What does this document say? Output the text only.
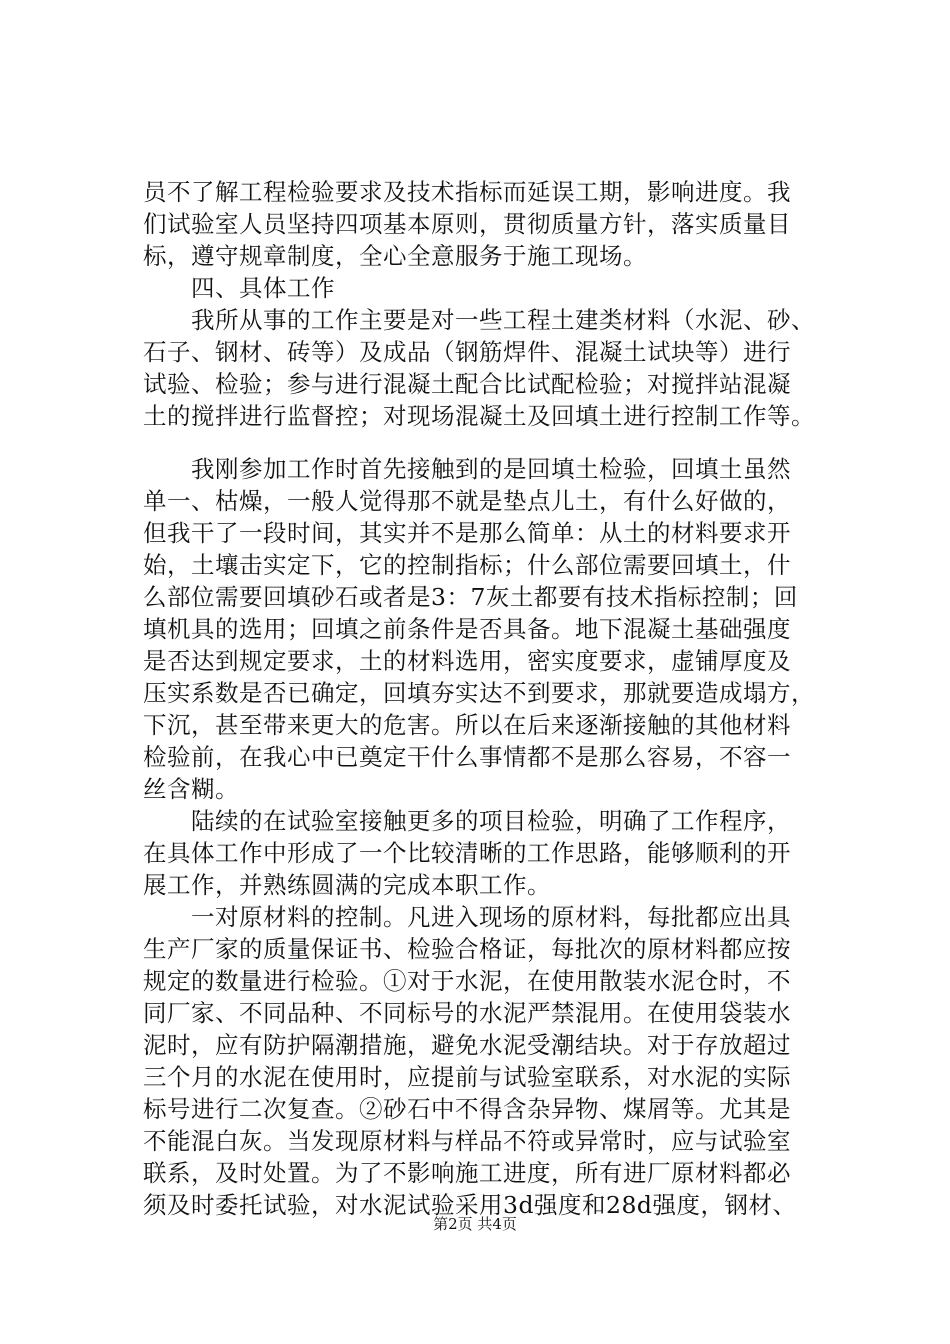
员不了解工程检验要求及技术指标而延误工期，影响进度。我
们试验室人员坚持四项基本原则，贯彻质量方针，落实质量目
标，遵守规章制度，全心全意服务于施工现场。
　　四、具体工作
　　我所从事的工作主要是对一些工程土建类材料（水泥、砂、
石子、钢材、砖等）及成品（钢筋焊件、混凝土试块等）进行
试验、检验；参与进行混凝土配合比试配检验；对搅拌站混凝
土的搅拌进行监督控；对现场混凝土及回填土进行控制工作等。
　　我刚参加工作时首先接触到的是回填土检验，回填土虽然
单一、枯燥，一般人觉得那不就是垫点儿土，有什么好做的，
但我干了一段时间，其实并不是那么简单：从土的材料要求开
始，土壤击实定下，它的控制指标；什么部位需要回填土，什
么部位需要回填砂石或者是3：7灰土都要有技术指标控制；回
填机具的选用；回填之前条件是否具备。地下混凝土基础强度
是否达到规定要求，土的材料选用，密实度要求，虚铺厚度及
压实系数是否已确定，回填夯实达不到要求，那就要造成塌方，
下沉，甚至带来更大的危害。所以在后来逐渐接触的其他材料
检验前，在我心中已奠定干什么事情都不是那么容易，不容一
丝含糊。
　　陆续的在试验室接触更多的项目检验，明确了工作程序，
在具体工作中形成了一个比较清晰的工作思路，能够顺利的开
展工作，并熟练圆满的完成本职工作。
　　一对原材料的控制。凡进入现场的原材料，每批都应出具
生产厂家的质量保证书、检验合格证，每批次的原材料都应按
规定的数量进行检验。①对于水泥，在使用散装水泥仓时，不
同厂家、不同品种、不同标号的水泥严禁混用。在使用袋装水
泥时，应有防护隔潮措施，避免水泥受潮结块。对于存放超过
三个月的水泥在使用时，应提前与试验室联系，对水泥的实际
标号进行二次复查。②砂石中不得含杂异物、煤屑等。尤其是
不能混白灰。当发现原材料与样品不符或异常时，应与试验室
联系，及时处置。为了不影响施工进度，所有进厂原材料都必
须及时委托试验，对水泥试验采用3d强度和28d强度，钢材、
第2页 共4页
